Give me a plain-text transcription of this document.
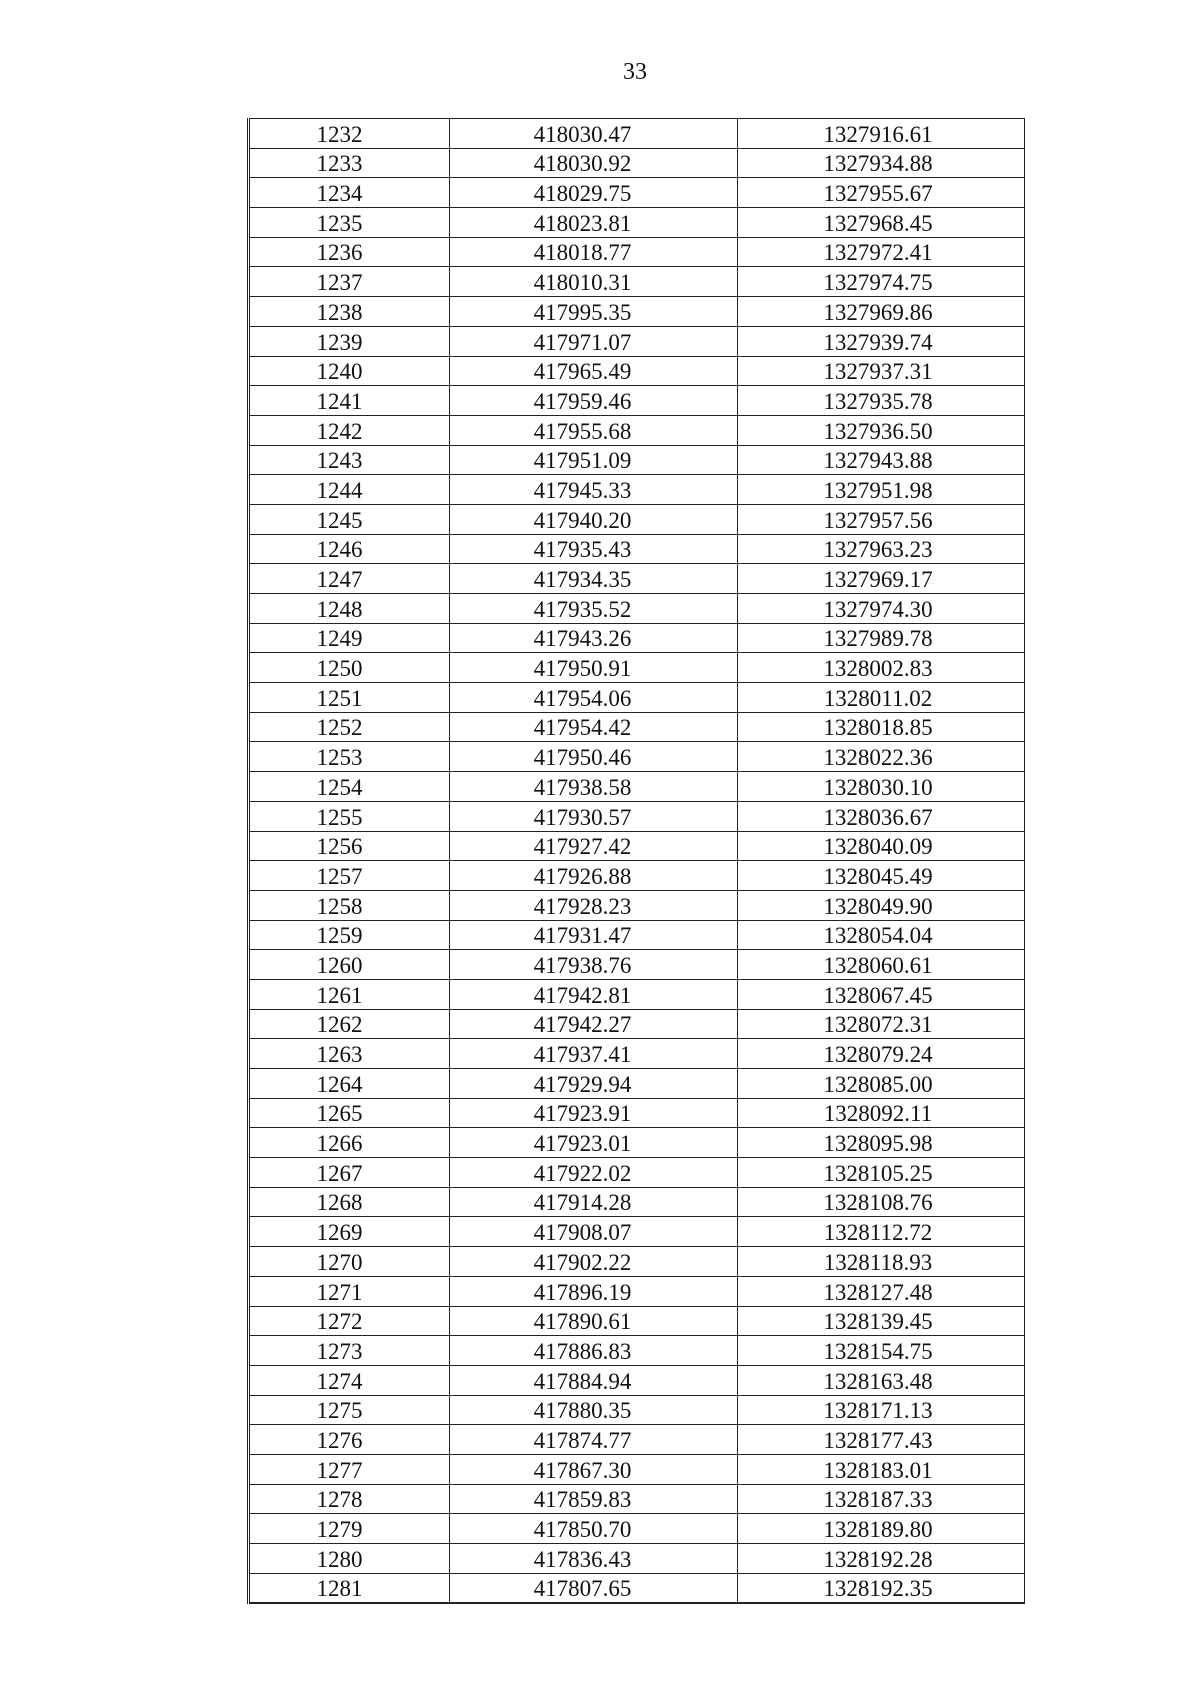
33
1232	418030.47	1327916.61
1233	418030.92	1327934.88
1234	418029.75	1327955.67
1235	418023.81	1327968.45
1236	418018.77	1327972.41
1237	418010.31	1327974.75
1238	417995.35	1327969.86
1239	417971.07	1327939.74
1240	417965.49	1327937.31
1241	417959.46	1327935.78
1242	417955.68	1327936.50
1243	417951.09	1327943.88
1244	417945.33	1327951.98
1245	417940.20	1327957.56
1246	417935.43	1327963.23
1247	417934.35	1327969.17
1248	417935.52	1327974.30
1249	417943.26	1327989.78
1250	417950.91	1328002.83
1251	417954.06	1328011.02
1252	417954.42	1328018.85
1253	417950.46	1328022.36
1254	417938.58	1328030.10
1255	417930.57	1328036.67
1256	417927.42	1328040.09
1257	417926.88	1328045.49
1258	417928.23	1328049.90
1259	417931.47	1328054.04
1260	417938.76	1328060.61
1261	417942.81	1328067.45
1262	417942.27	1328072.31
1263	417937.41	1328079.24
1264	417929.94	1328085.00
1265	417923.91	1328092.11
1266	417923.01	1328095.98
1267	417922.02	1328105.25
1268	417914.28	1328108.76
1269	417908.07	1328112.72
1270	417902.22	1328118.93
1271	417896.19	1328127.48
1272	417890.61	1328139.45
1273	417886.83	1328154.75
1274	417884.94	1328163.48
1275	417880.35	1328171.13
1276	417874.77	1328177.43
1277	417867.30	1328183.01
1278	417859.83	1328187.33
1279	417850.70	1328189.80
1280	417836.43	1328192.28
1281	417807.65	1328192.35
